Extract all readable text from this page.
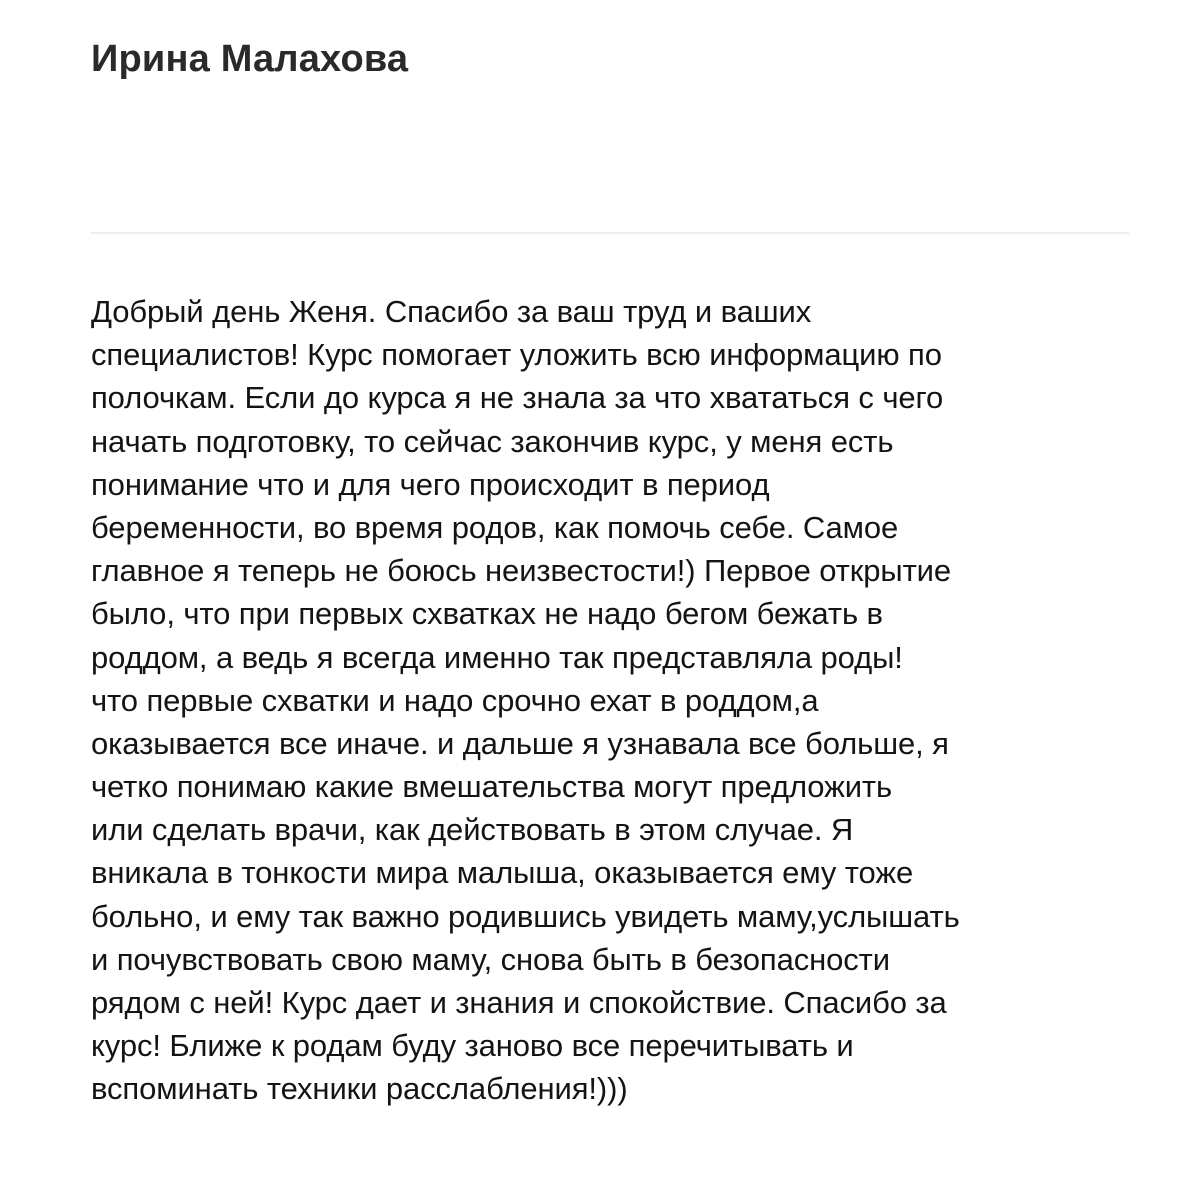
Ирина Малахова
Добрый день Женя. Спасибо за ваш труд и ваших
специалистов! Курс помогает уложить всю информацию по
полочкам. Если до курса я не знала за что хвататься с чего
начать подготовку, то сейчас закончив курс, у меня есть
понимание что и для чего происходит в период
беременности, во время родов, как помочь себе. Самое
главное я теперь не боюсь неизвестости!) Первое открытие
было, что при первых схватках не надо бегом бежать в
роддом, а ведь я всегда именно так представляла роды!
что первые схватки и надо срочно ехат в роддом,а
оказывается все иначе. и дальше я узнавала все больше, я
четко понимаю какие вмешательства могут предложить
или сделать врачи, как действовать в этом случае. Я
вникала в тонкости мира малыша, оказывается ему тоже
больно, и ему так важно родившись увидеть маму,услышать
и почувствовать свою маму, снова быть в безопасности
рядом с ней! Курс дает и знания и спокойствие. Спасибо за
курс! Ближе к родам буду заново все перечитывать и
вспоминать техники расслабления!)))
